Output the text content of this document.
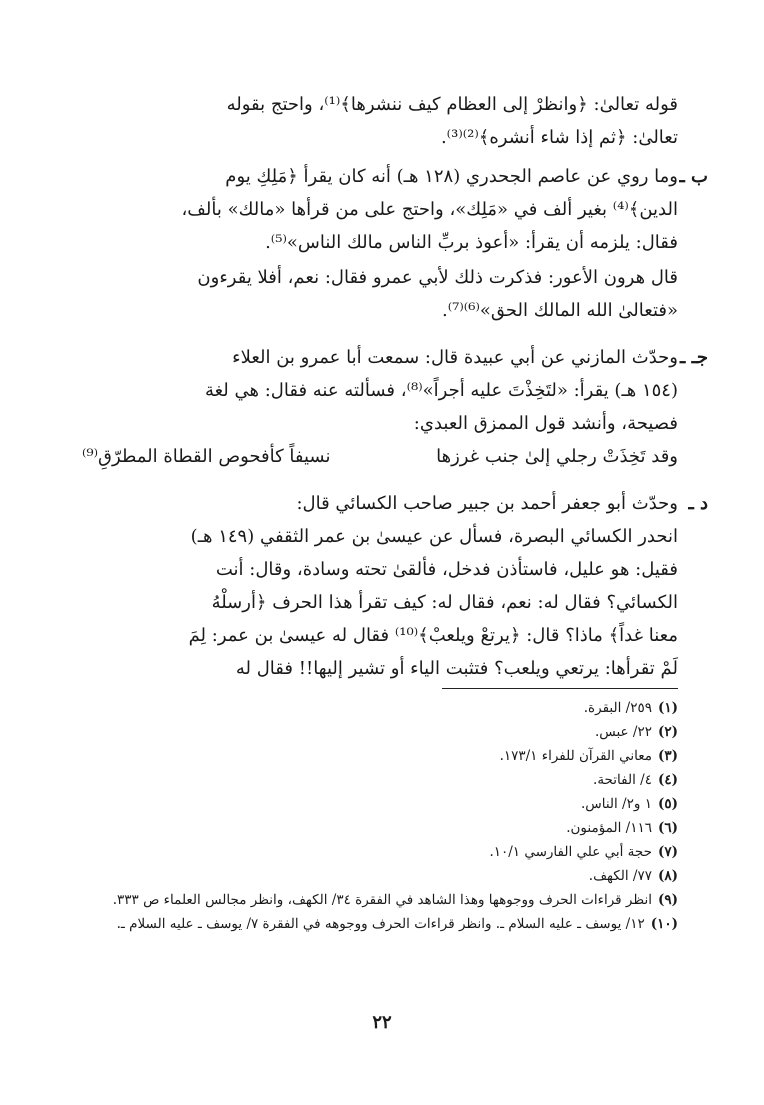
قوله تعالىٰ: ﴿وانظرْ إلى العظام كيف ننشرها﴾⁽¹⁾، واحتج بقوله

تعالىٰ: ﴿ثم إذا شاء أنشره﴾⁽²⁾⁽³⁾.

ب ـ

وما روي عن عاصم الجحدري (١٢٨ هـ) أنه كان يقرأ ﴿مَلِكِ يوم

الدين﴾⁽⁴⁾ بغير ألف في «مَلِك»، واحتج على من قرأها «مالك» بألف،

فقال: يلزمه أن يقرأ: «أعوذ بربِّ الناس مالك الناس»⁽⁵⁾.

قال هرون الأعور: فذكرت ذلك لأبي عمرو فقال: نعم، أفلا يقرءون

«فتعالىٰ الله المالك الحق»⁽⁶⁾⁽⁷⁾.

جـ ـ

وحدّث المازني عن أبي عبيدة قال: سمعت أبا عمرو بن العلاء

(١٥٤ هـ) يقرأ: «لتَخِذْتَ عليه أجراً»⁽⁸⁾، فسألته عنه فقال: هي لغة

فصيحة، وأنشد قول الممزق العبدي:

وقد تَخِذَتْ رجلي إلىٰ جنب غرزها
نسيفاً كأفحوص القطاة المطرّقِ⁽⁹⁾
د ـ

وحدّث أبو جعفر أحمد بن جبير صاحب الكسائي قال:

انحدر الكسائي البصرة، فسأل عن عيسىٰ بن عمر الثقفي (١٤٩ هـ)

فقيل: هو عليل، فاستأذن فدخل، فألقىٰ تحته وسادة، وقال: أنت

الكسائي؟ فقال له: نعم، فقال له: كيف تقرأ هذا الحرف ﴿أرسلْهُ

معنا غداً﴾ ماذا؟ قال: ﴿يرتعْ ويلعبْ﴾⁽¹⁰⁾ فقال له عيسىٰ بن عمر: لِمَ

لَمْ تقرأها: يرتعي ويلعب؟ فتثبت الياء أو تشير إليها!! فقال له

(١)
٢٥٩/ البقرة.

(٢)
٢٢/ عبس.

(٣)
معاني القرآن للفراء ١٧٣/١.

(٤)
٤/ الفاتحة.

(٥)
١ و٢/ الناس.

(٦)
١١٦/ المؤمنون.

(٧)
حجة أبي علي الفارسي ١٠/١.

(٨)
٧٧/ الكهف.

(٩)
انظر قراءات الحرف ووجوهها وهذا الشاهد في الفقرة ٣٤/ الكهف، وانظر مجالس العلماء ص ٣٣٣.

(١٠)
١٢/ يوسف ـ عليه السلام ـ. وانظر قراءات الحرف ووجوهه في الفقرة ٧/ يوسف ـ عليه السلام ـ.

٢٢
